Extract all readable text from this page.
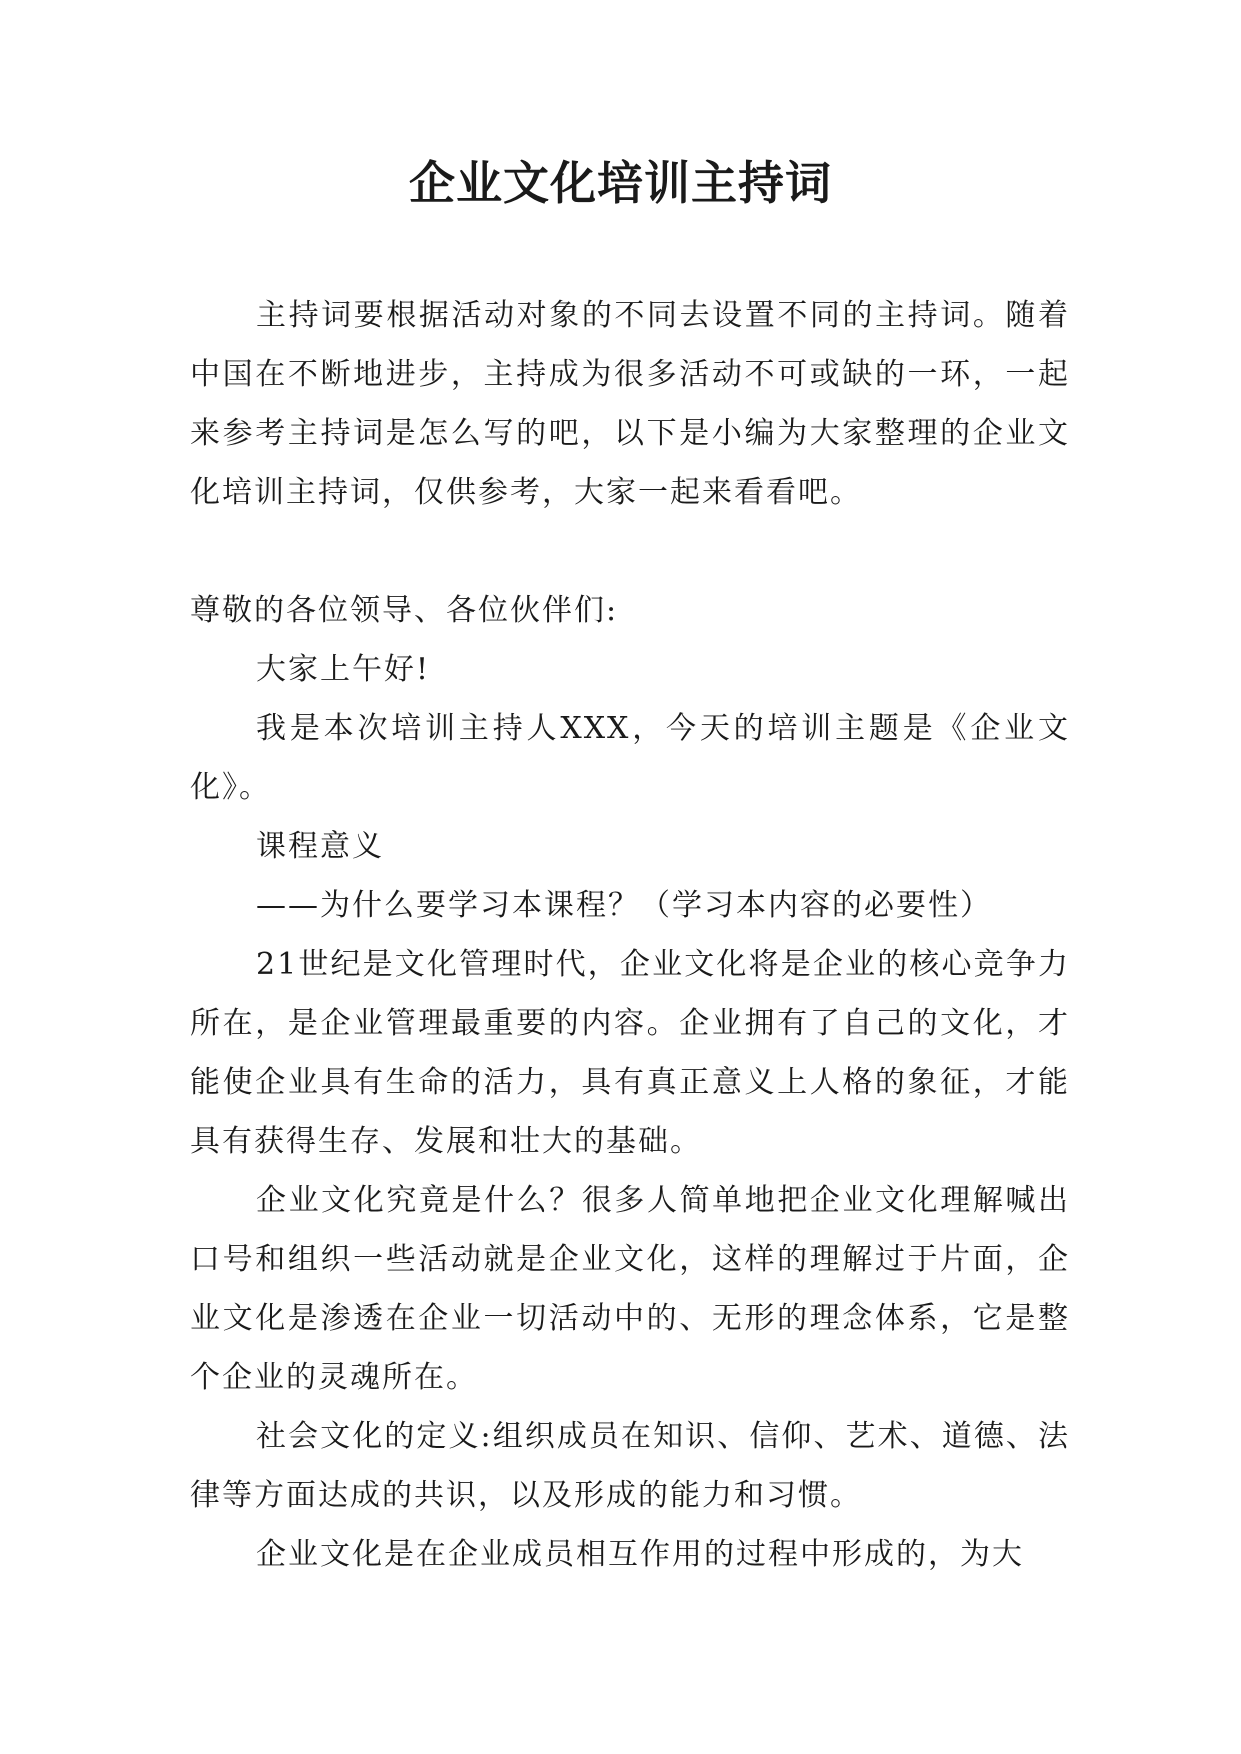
企业文化培训主持词

主持词要根据活动对象的不同去设置不同的主持词。随着中国在不断地进步，主持成为很多活动不可或缺的一环，一起来参考主持词是怎么写的吧，以下是小编为大家整理的企业文化培训主持词，仅供参考，大家一起来看看吧。

尊敬的各位领导、各位伙伴们:

大家上午好!

我是本次培训主持人XXX，今天的培训主题是《企业文化》。

课程意义

——为什么要学习本课程？（学习本内容的必要性）

21世纪是文化管理时代，企业文化将是企业的核心竞争力所在，是企业管理最重要的内容。企业拥有了自己的文化，才能使企业具有生命的活力，具有真正意义上人格的象征，才能具有获得生存、发展和壮大的基础。

企业文化究竟是什么？很多人简单地把企业文化理解喊出口号和组织一些活动就是企业文化，这样的理解过于片面，企业文化是渗透在企业一切活动中的、无形的理念体系，它是整个企业的灵魂所在。

社会文化的定义:组织成员在知识、信仰、艺术、道德、法律等方面达成的共识，以及形成的能力和习惯。

企业文化是在企业成员相互作用的过程中形成的，为大
